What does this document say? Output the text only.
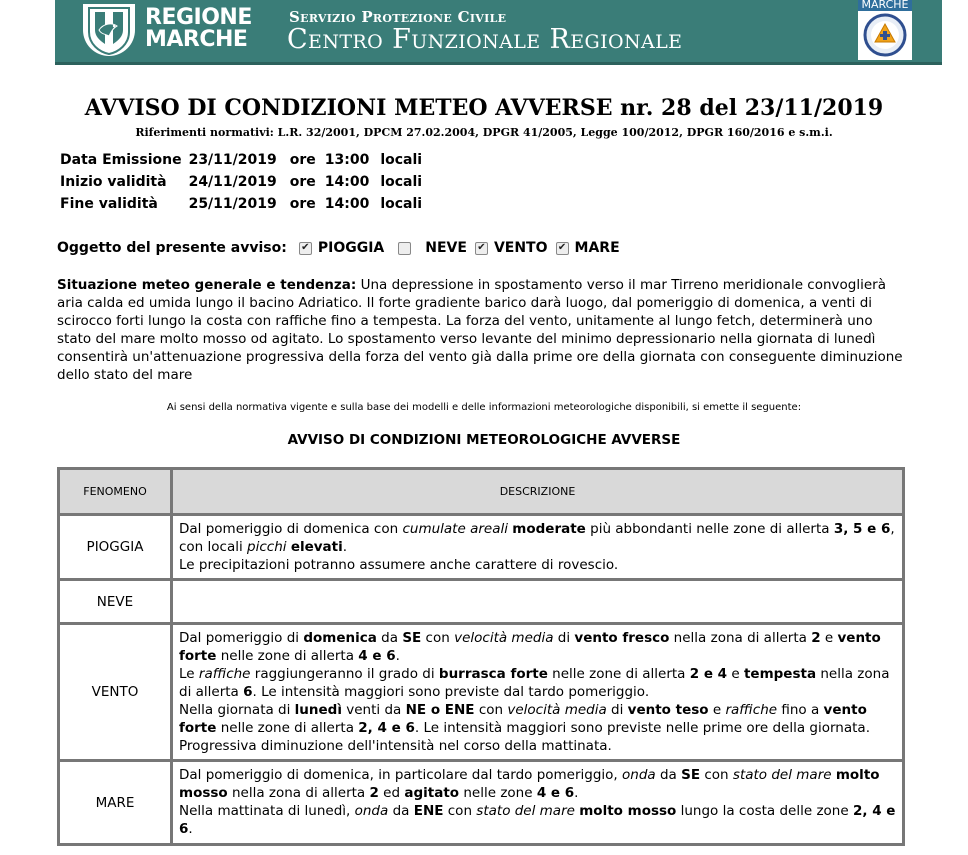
REGIONE
MARCHE
Servizio Protezione Civile
Centro Funzionale Regionale
MARCHE
AVVISO DI CONDIZIONI METEO AVVERSE nr. 28 del 23/11/2019
Riferimenti normativi: L.R. 32/2001, DPCM 27.02.2004, DPGR 41/2005, Legge 100/2012, DPGR 160/2016 e s.m.i.
Data Emissione	23/11/2019	ore	13:00	locali
Inizio validità	24/11/2019	ore	14:00	locali
Fine validità	25/11/2019	ore	14:00	locali
Oggetto del presente avviso: ✔ PIOGGIA	NEVE ✔ VENTO ✔ MARE
Situazione meteo generale e tendenza: Una depressione in spostamento verso il mar Tirreno meridionale convoglierà aria calda ed umida lungo il bacino Adriatico. Il forte gradiente barico darà luogo, dal pomeriggio di domenica, a venti di scirocco forti lungo la costa con raffiche fino a tempesta. La forza del vento, unitamente al lungo fetch, determinerà uno stato del mare molto mosso od agitato. Lo spostamento verso levante del minimo depressionario nella giornata di lunedì consentirà un'attenuazione progressiva della forza del vento già dalla prime ore della giornata con conseguente diminuzione dello stato del mare
Ai sensi della normativa vigente e sulla base dei modelli e delle informazioni meteorologiche disponibili, si emette il seguente:
AVVISO DI CONDIZIONI METEOROLOGICHE AVVERSE
FENOMENO	DESCRIZIONE
PIOGGIA	Dal pomeriggio di domenica con cumulate areali moderate più abbondanti nelle zone di allerta 3, 5 e 6, con locali picchi elevati.
Le precipitazioni potranno assumere anche carattere di rovescio.

NEVE	
VENTO	Dal pomeriggio di domenica da SE con velocità media di vento fresco nella zona di allerta 2 e vento forte nelle zone di allerta 4 e 6.
Le raffiche raggiungeranno il grado di burrasca forte nelle zone di allerta 2 e 4 e tempesta nella zona di allerta 6. Le intensità maggiori sono previste dal tardo pomeriggio.
Nella giornata di lunedì venti da NE o ENE con velocità media di vento teso e raffiche fino a vento forte nelle zone di allerta 2, 4 e 6. Le intensità maggiori sono previste nelle prime ore della giornata. Progressiva diminuzione dell'intensità nel corso della mattinata.

MARE	Dal pomeriggio di domenica, in particolare dal tardo pomeriggio, onda da SE con stato del mare molto mosso nella zona di allerta 2 ed agitato nelle zone 4 e 6.
Nella mattinata di lunedì, onda da ENE con stato del mare molto mosso lungo la costa delle zone 2, 4 e 6.
